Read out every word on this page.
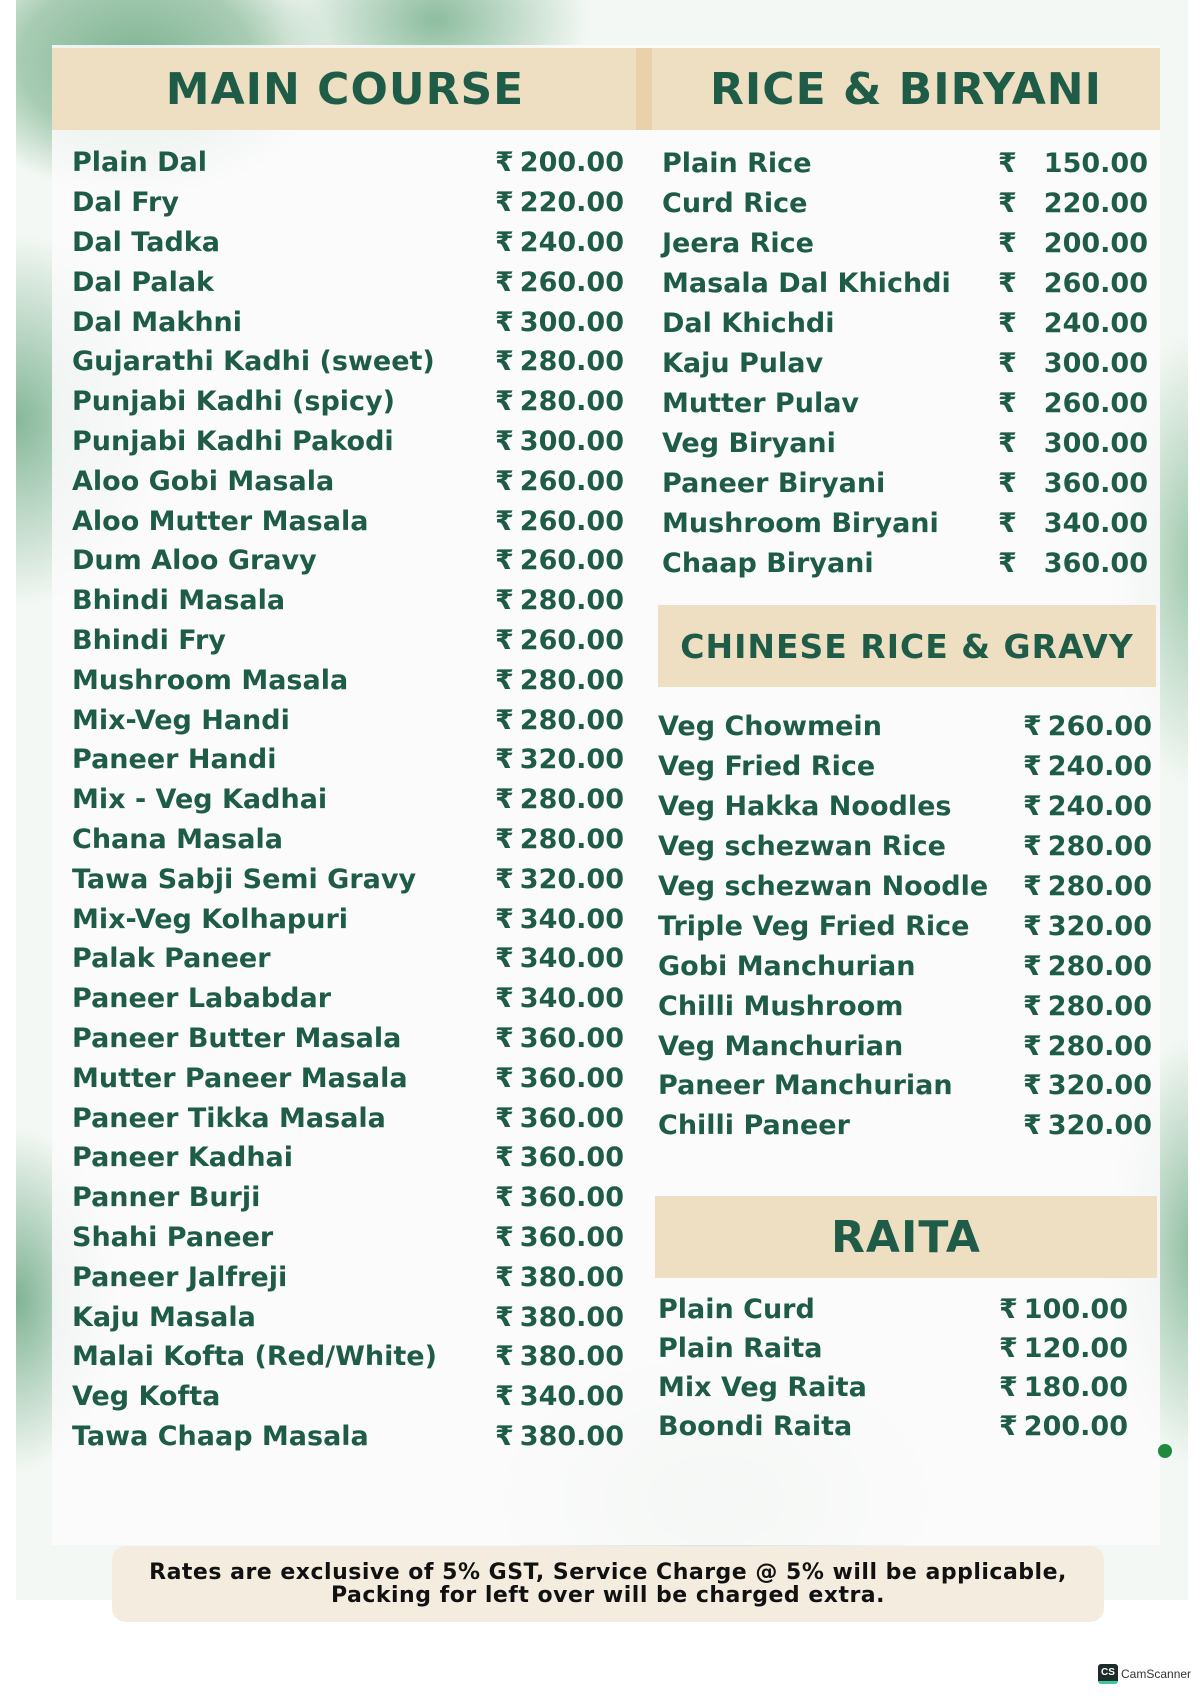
MAIN COURSE	RICE & BIRYANI
CHINESE RICE & GRAVY
RAITA
Plain Dal	₹ 200.00
Dal Fry	₹ 220.00
Dal Tadka	₹ 240.00
Dal Palak	₹ 260.00
Dal Makhni	₹ 300.00
Gujarathi Kadhi (sweet) ₹ 280.00
Punjabi Kadhi (spicy)	₹ 280.00
Punjabi Kadhi Pakodi	₹ 300.00
Aloo Gobi Masala	₹ 260.00
Aloo Mutter Masala	₹ 260.00
Dum Aloo Gravy	₹ 260.00
Bhindi Masala	₹ 280.00
Bhindi Fry	₹ 260.00
Mushroom Masala	₹ 280.00
Mix-Veg Handi	₹ 280.00
Paneer Handi	₹ 320.00
Mix - Veg Kadhai	₹ 280.00
Chana Masala	₹ 280.00
Tawa Sabji Semi Gravy	₹ 320.00
Mix-Veg Kolhapuri	₹ 340.00
Palak Paneer	₹ 340.00
Paneer Lababdar	₹ 340.00
Paneer Butter Masala	₹ 360.00
Mutter Paneer Masala	₹ 360.00
Paneer Tikka Masala	₹ 360.00
Paneer Kadhai	₹ 360.00
Panner Burji	₹ 360.00
Shahi Paneer	₹ 360.00
Paneer Jalfreji	₹ 380.00
Kaju Masala	₹ 380.00
Malai Kofta (Red/White) ₹ 380.00
Veg Kofta	₹ 340.00
Tawa Chaap Masala	₹ 380.00
Plain Rice	₹	150.00
Curd Rice	₹	220.00
Jeera Rice	₹	200.00
Masala Dal Khichdi ₹	260.00
Dal Khichdi	₹	240.00
Kaju Pulav	₹	300.00
Mutter Pulav	₹	260.00
Veg Biryani	₹	300.00
Paneer Biryani	₹	360.00
Mushroom Biryani ₹	340.00
Chaap Biryani	₹	360.00
Veg Chowmein	₹ 260.00
Veg Fried Rice	₹ 240.00
Veg Hakka Noodles	₹ 240.00
Veg schezwan Rice	₹ 280.00
Veg schezwan Noodle ₹ 280.00
Triple Veg Fried Rice ₹ 320.00
Gobi Manchurian	₹ 280.00
Chilli Mushroom	₹ 280.00
Veg Manchurian	₹ 280.00
Paneer Manchurian	₹ 320.00
Chilli Paneer	₹ 320.00
Plain Curd	₹ 100.00
Plain Raita	₹ 120.00
Mix Veg Raita	₹ 180.00
Boondi Raita	₹ 200.00
Rates are exclusive of 5% GST, Service Charge @ 5% will be applicable,
Packing for left over will be charged extra.
CS CamScanner
